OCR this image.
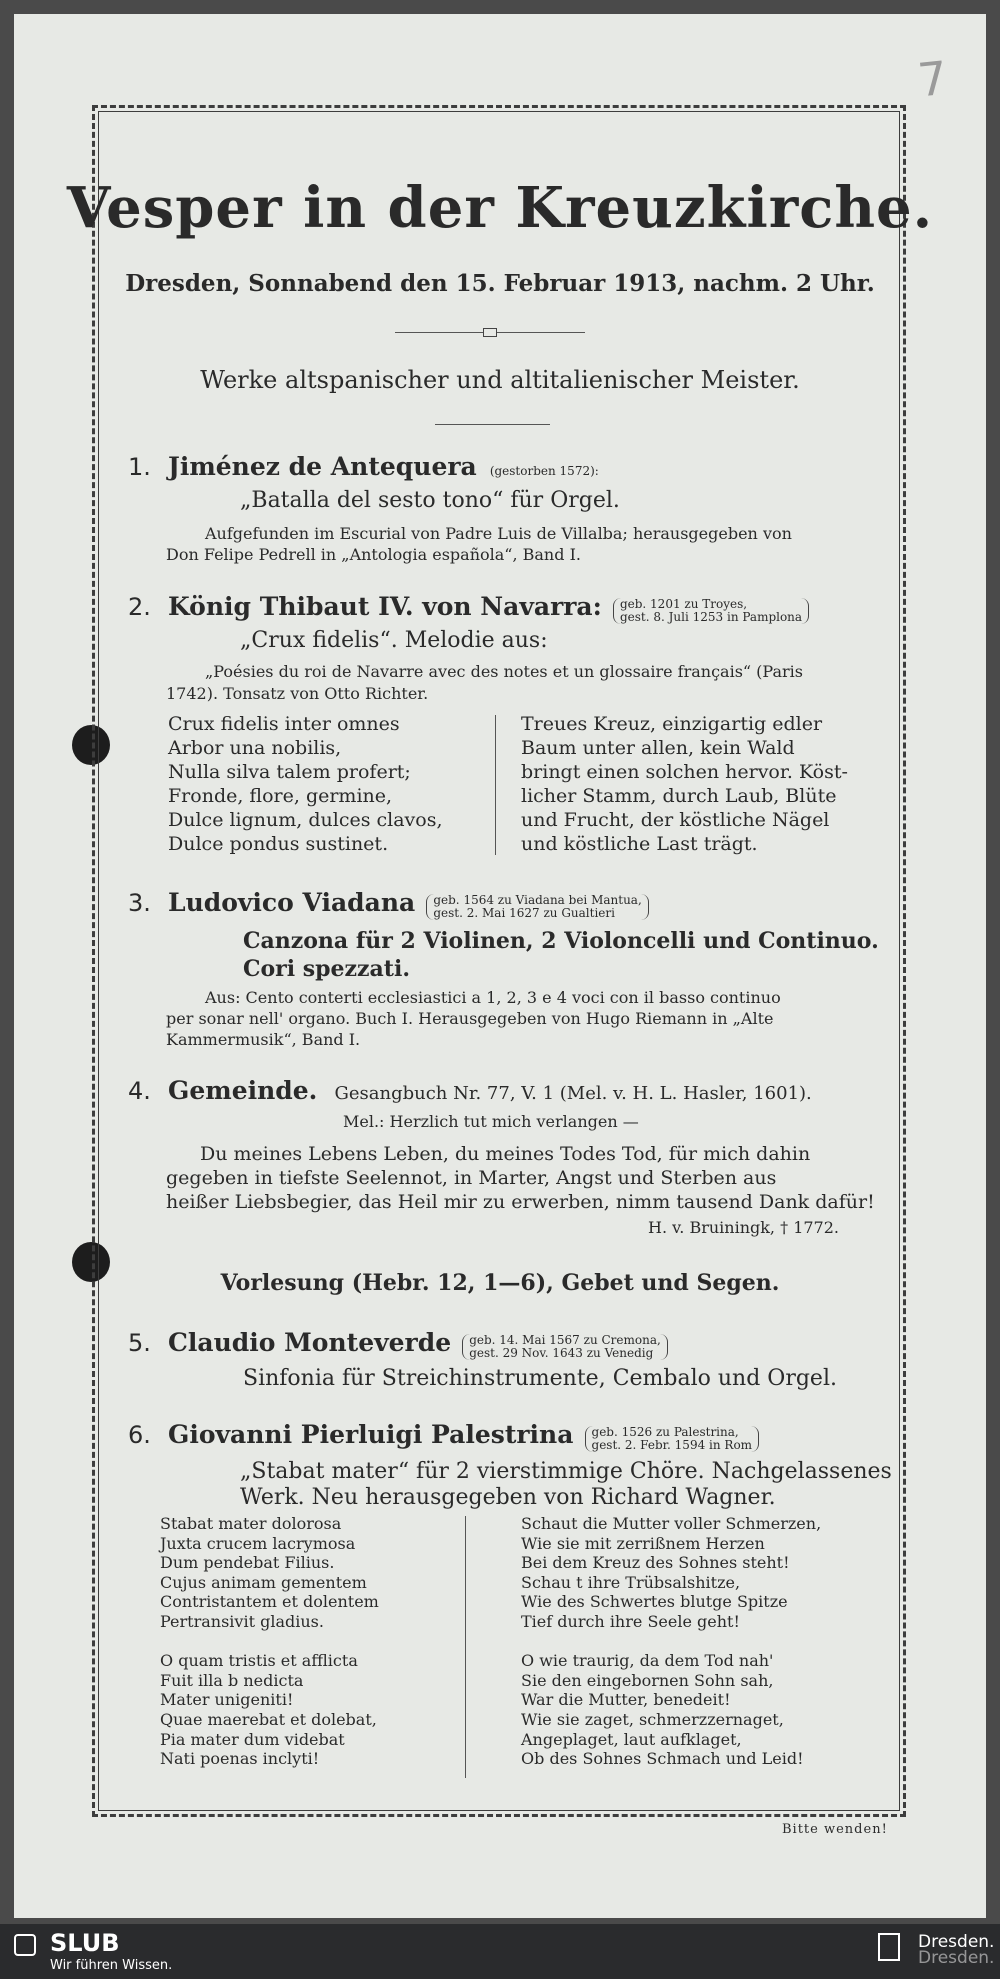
7
Vesper in der Kreuzkirche.
Dresden, Sonnabend den 15. Februar 1913, nachm. 2 Uhr.
Werke altspanischer und altitalienischer Meister.
1. Jiménez de Antequera (gestorben 1572):
„Batalla del sesto tono“ für Orgel.
Aufgefunden im Escurial von Padre Luis de Villalba; herausgegeben von
Don Felipe Pedrell in „Antologia española“, Band I.
2. König Thibaut IV. von Navarra: geb. 1201 zu Troyes,
gest. 8. Juli 1253 in Pamplona
„Crux fidelis“. Melodie aus:
„Poésies du roi de Navarre avec des notes et un glossaire français“ (Paris
1742). Tonsatz von Otto Richter.
Crux fidelis inter omnes
Arbor una nobilis,
Nulla silva talem profert;
Fronde, flore, germine,
Dulce lignum, dulces clavos,
Dulce pondus sustinet.
Treues Kreuz, einzigartig edler
Baum unter allen, kein Wald
bringt einen solchen hervor. Köst-
licher Stamm, durch Laub, Blüte
und Frucht, der köstliche Nägel
und köstliche Last trägt.
3. Ludovico Viadana geb. 1564 zu Viadana bei Mantua,
gest. 2. Mai 1627 zu Gualtieri
Canzona für 2 Violinen, 2 Violoncelli und Continuo.
Cori spezzati.
Aus: Cento conterti ecclesiastici a 1, 2, 3 e 4 voci con il basso continuo
per sonar nell' organo. Buch I. Herausgegeben von Hugo Riemann in „Alte
Kammermusik“, Band I.
4. Gemeinde. Gesangbuch Nr. 77, V. 1 (Mel. v. H. L. Hasler, 1601).
Mel.: Herzlich tut mich verlangen —
Du meines Lebens Leben, du meines Todes Tod, für mich dahin
gegeben in tiefste Seelennot, in Marter, Angst und Sterben aus
heißer Liebsbegier, das Heil mir zu erwerben, nimm tausend Dank dafür!
H. v. Bruiningk, † 1772.
Vorlesung (Hebr. 12, 1—6), Gebet und Segen.
5. Claudio Monteverde geb. 14. Mai 1567 zu Cremona,
gest. 29 Nov. 1643 zu Venedig
Sinfonia für Streichinstrumente, Cembalo und Orgel.
6. Giovanni Pierluigi Palestrina geb. 1526 zu Palestrina,
gest. 2. Febr. 1594 in Rom
„Stabat mater“ für 2 vierstimmige Chöre. Nachgelassenes
Werk. Neu herausgegeben von Richard Wagner.
Stabat mater dolorosa
Juxta crucem lacrymosa
Dum pendebat Filius.
Cujus animam gementem
Contristantem et dolentem
Pertransivit gladius.

O quam tristis et afflicta
Fuit illa b nedicta
Mater unigeniti!
Quae maerebat et dolebat,
Pia mater dum videbat
Nati poenas inclyti!
Schaut die Mutter voller Schmerzen,
Wie sie mit zerrißnem Herzen
Bei dem Kreuz des Sohnes steht!
Schau t ihre Trübsalshitze,
Wie des Schwertes blutge Spitze
Tief durch ihre Seele geht!

O wie traurig, da dem Tod nah'
Sie den eingebornen Sohn sah,
War die Mutter, benedeit!
Wie sie zaget, schmerzzernaget,
Angeplaget, laut aufklaget,
Ob des Sohnes Schmach und Leid!
Bitte wenden!
SLUB
Wir führen Wissen.
Dresden.
Dresden.
